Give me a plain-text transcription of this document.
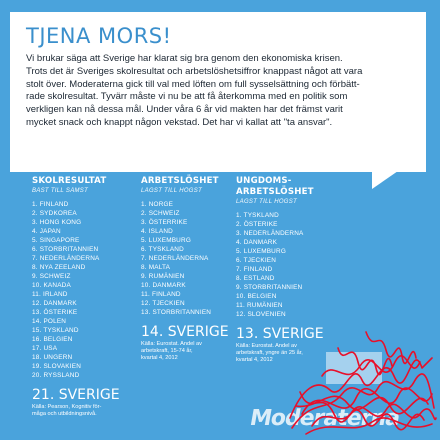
TJENA MORS!

Vi brukar säga att Sverige har klarat sig bra genom den ekonomiska krisen.
Trots det är Sveriges skolresultat och arbetslöshetsiffror knappast något att vara
stolt över. Moderaterna gick till val med löften om full sysselsättning och förbätt-
rade skolresultat. Tyvärr måste vi nu be att få återkomma med en politik som
verkligen kan nå dessa mål. Under våra 6 år vid makten har det främst varit
mycket snack och knappt någon vekstad. Det har vi kallat att "ta ansvar".

SKOLRESULTAT

BÄST TILL SÄMST

1. FINLAND
2. SYDKOREA
3. HONG KONG
4. JAPAN
5. SINGAPORE
6. STORBRITANNIEN
7. NEDERLÄNDERNA
8. NYA ZEELAND
9. SCHWEIZ
10. KANADA
11. IRLAND
12. DANMARK
13. ÖSTERIKE
14. POLEN
15. TYSKLAND
16. BELGIEN
17. USA
18. UNGERN
19. SLOVAKIEN
20. RYSSLAND

21. SVERIGE

Källa: Pearson, Kognitiv för-
måga och utbildningsnivå.

ARBETSLÖSHET

LÄGST TILL HÖGST

1. NORGE
2. SCHWEIZ
3. ÖSTERRIKE
4. ISLAND
5. LUXEMBURG
6. TYSKLAND
7. NEDERLÄNDERNA
8. MALTA
9. RUMÄNIEN
10. DANMARK
11. FINLAND
12. TJECKIEN
13. STORBRITANNIEN

14. SVERIGE

Källa: Eurostat. Andel av
arbetskraft, 15-74 år,
kvartal 4, 2012

UNGDOMS-
ARBETSLÖSHET

LÄGST TILL HÖGST

1. TYSKLAND
2. ÖSTERIKE
3. NEDERLÄNDERNA
4. DANMARK
5. LUXEMBURG
6. TJECKIEN
7. FINLAND
8. ESTLAND
9. STORBRITANNIEN
10. BELGIEN
11. RUMÄNIEN
12. SLOVENIEN

13. SVERIGE

Källa: Eurostat. Andel av
arbetskraft, yngre än 25 år,
kvartal 4, 2012

Moderaterna
